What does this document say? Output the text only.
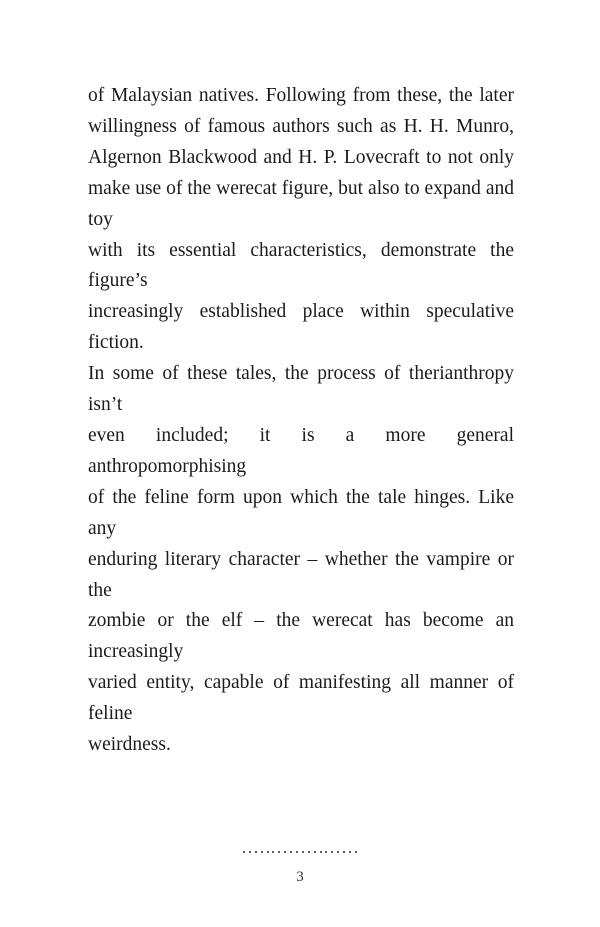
of Malaysian natives. Following from these, the later
willingness of famous authors such as H. H. Munro,
Algernon Blackwood and H. P. Lovecraft to not only
make use of the werecat figure, but also to expand and toy
with its essential characteristics, demonstrate the figure’s
increasingly established place within speculative fiction.
In some of these tales, the process of therianthropy isn’t
even included; it is a more general anthropomorphising
of the feline form upon which the tale hinges. Like any
enduring literary character – whether the vampire or the
zombie or the elf – the werecat has become an increasingly
varied entity, capable of manifesting all manner of feline
weirdness.
3
